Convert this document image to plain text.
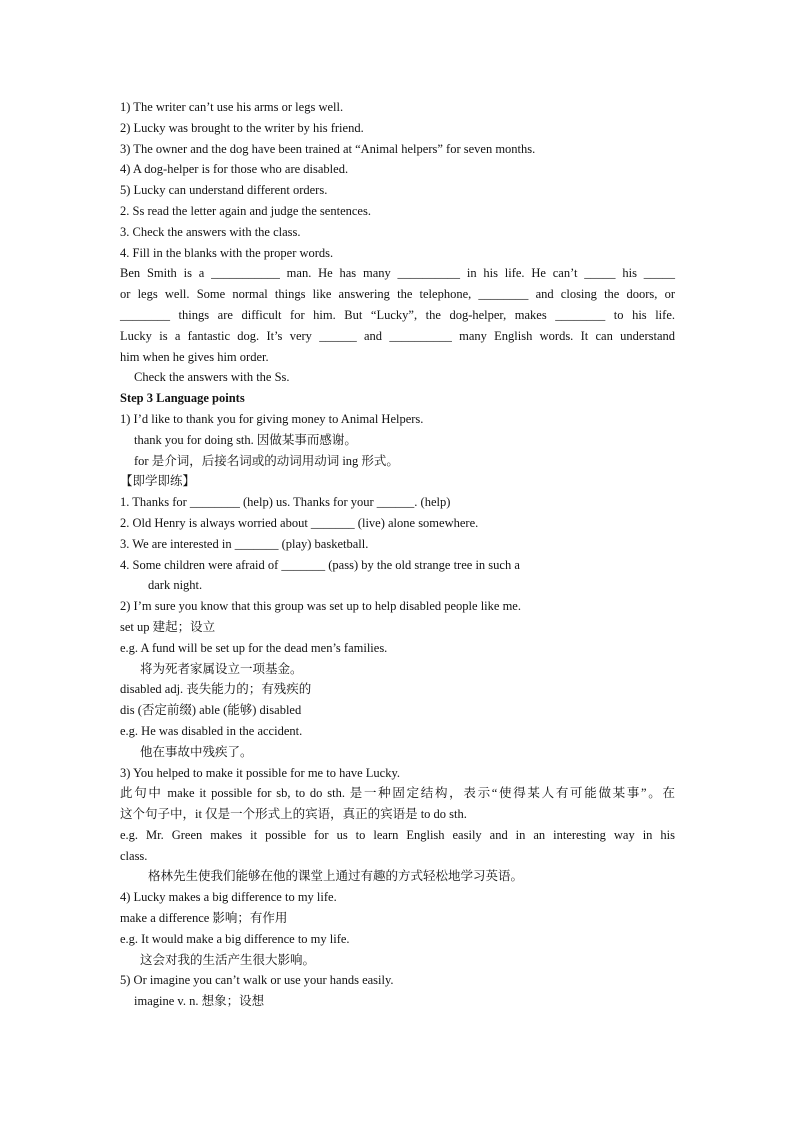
1) The writer can’t use his arms or legs well.
2) Lucky was brought to the writer by his friend.
3) The owner and the dog have been trained at “Animal helpers” for seven months.
4) A dog-helper is for those who are disabled.
5) Lucky can understand different orders.
2. Ss read the letter again and judge the sentences.
3. Check the answers with the class.
4. Fill in the blanks with the proper words.
Ben Smith is a ___________ man. He has many __________ in his life. He can’t _____ his _____
or legs well. Some normal things like answering the telephone, ________ and closing the doors, or
________ things are difficult for him. But “Lucky”, the dog-helper, makes ________ to his life.
Lucky is a fantastic dog. It’s very ______ and __________ many English words. It can understand
him when he gives him order.
Check the answers with the Ss.
Step 3 Language points
1) I’d like to thank you for giving money to Animal Helpers.
thank you for doing sth. 因做某事而感谢。
for 是介词，后接名词或的动词用动词 ing 形式。
【即学即练】
1. Thanks for ________ (help) us. Thanks for your ______. (help)
2. Old Henry is always worried about _______ (live) alone somewhere.
3. We are interested in _______ (play) basketball.
4. Some children were afraid of _______ (pass) by the old strange tree in such a
dark night.
2) I’m sure you know that this group was set up to help disabled people like me.
set up 建起；设立
e.g. A fund will be set up for the dead men’s families.
将为死者家属设立一项基金。
disabled adj. 丧失能力的；有残疾的
dis (否定前缀) able (能够) disabled
e.g. He was disabled in the accident.
他在事故中残疾了。
3) You helped to make it possible for me to have Lucky.
此句中 make it possible for sb, to do sth. 是一种固定结构，表示“使得某人有可能做某事”。在
这个句子中，it 仅是一个形式上的宾语，真正的宾语是 to do sth.
e.g. Mr. Green makes it possible for us to learn English easily and in an interesting way in his
class.
格林先生使我们能够在他的课堂上通过有趣的方式轻松地学习英语。
4) Lucky makes a big difference to my life.
make a difference 影响；有作用
e.g. It would make a big difference to my life.
这会对我的生活产生很大影响。
5) Or imagine you can’t walk or use your hands easily.
imagine v. n. 想象；设想
